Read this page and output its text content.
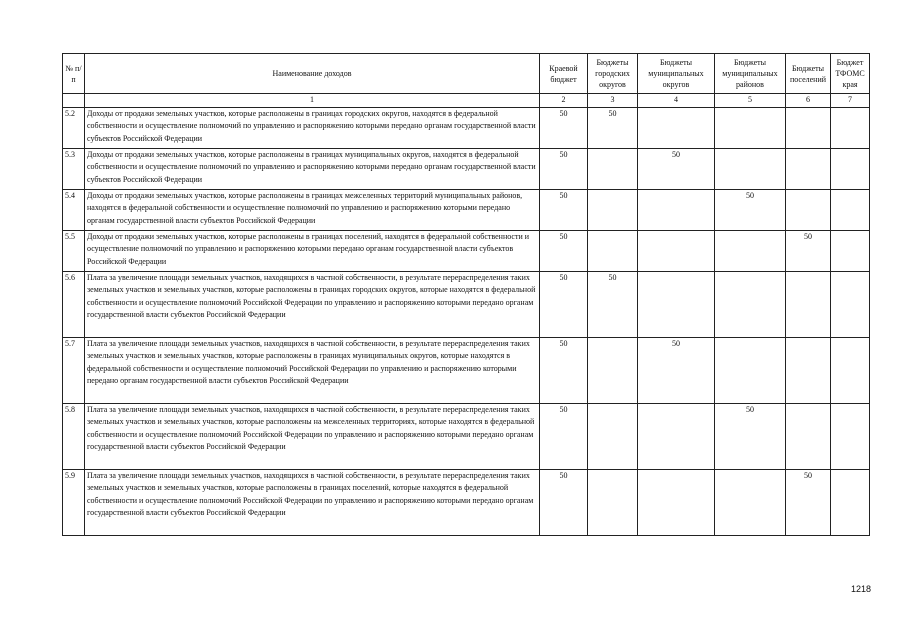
№ п/п	Наименование доходов	Краевой бюджет	Бюджеты городских округов	Бюджеты муниципальных округов	Бюджеты муниципальных районов	Бюджеты поселений	Бюджет ТФОМС края
	1	2	3	4	5	6	7
5.2	Доходы от продажи земельных участков, которые расположены в границах городских округов, находятся в федеральной собственности и осуществление полномочий по управлению и распоряжению которыми передано органам государственной власти субъектов Российской Федерации	50	50				
5.3	Доходы от продажи земельных участков, которые расположены в границах муниципальных округов, находятся в федеральной собственности и осуществление полномочий по управлению и распоряжению которыми передано органам государственной власти субъектов Российской Федерации	50		50			
5.4	Доходы от продажи земельных участков, которые расположены в границах межселенных территорий муниципальных районов, находятся в федеральной собственности и осуществление полномочий по управлению и распоряжению которыми передано органам государственной власти субъектов Российской Федерации	50			50		
5.5	Доходы от продажи земельных участков, которые расположены в границах поселений, находятся в федеральной собственности и осуществление полномочий по управлению и распоряжению которыми передано органам государственной власти субъектов Российской Федерации	50				50	
5.6	Плата за увеличение площади земельных участков, находящихся в частной собственности, в результате перераспределения таких земельных участков и земельных участков, которые расположены в границах городских округов, которые находятся в федеральной собственности и осуществление полномочий Российской Федерации по управлению и распоряжению которыми передано органам государственной власти субъектов Российской Федерации	50	50				
5.7	Плата за увеличение площади земельных участков, находящихся в частной собственности, в результате перераспределения таких земельных участков и земельных участков, которые расположены в границах муниципальных округов, которые находятся в федеральной собственности и осуществление полномочий Российской Федерации по управлению и распоряжению которыми передано органам государственной власти субъектов Российской Федерации	50		50			
5.8	Плата за увеличение площади земельных участков, находящихся в частной собственности, в результате перераспределения таких земельных участков и земельных участков, которые расположены на межселенных территориях, которые находятся в федеральной собственности и осуществление полномочий Российской Федерации по управлению и распоряжению которыми передано органам государственной власти субъектов Российской Федерации	50			50		
5.9	Плата за увеличение площади земельных участков, находящихся в частной собственности, в результате перераспределения таких земельных участков и земельных участков, которые расположены в границах поселений, которые находятся в федеральной собственности и осуществление полномочий Российской Федерации по управлению и распоряжению которыми передано органам государственной власти субъектов Российской Федерации	50				50	
1218
